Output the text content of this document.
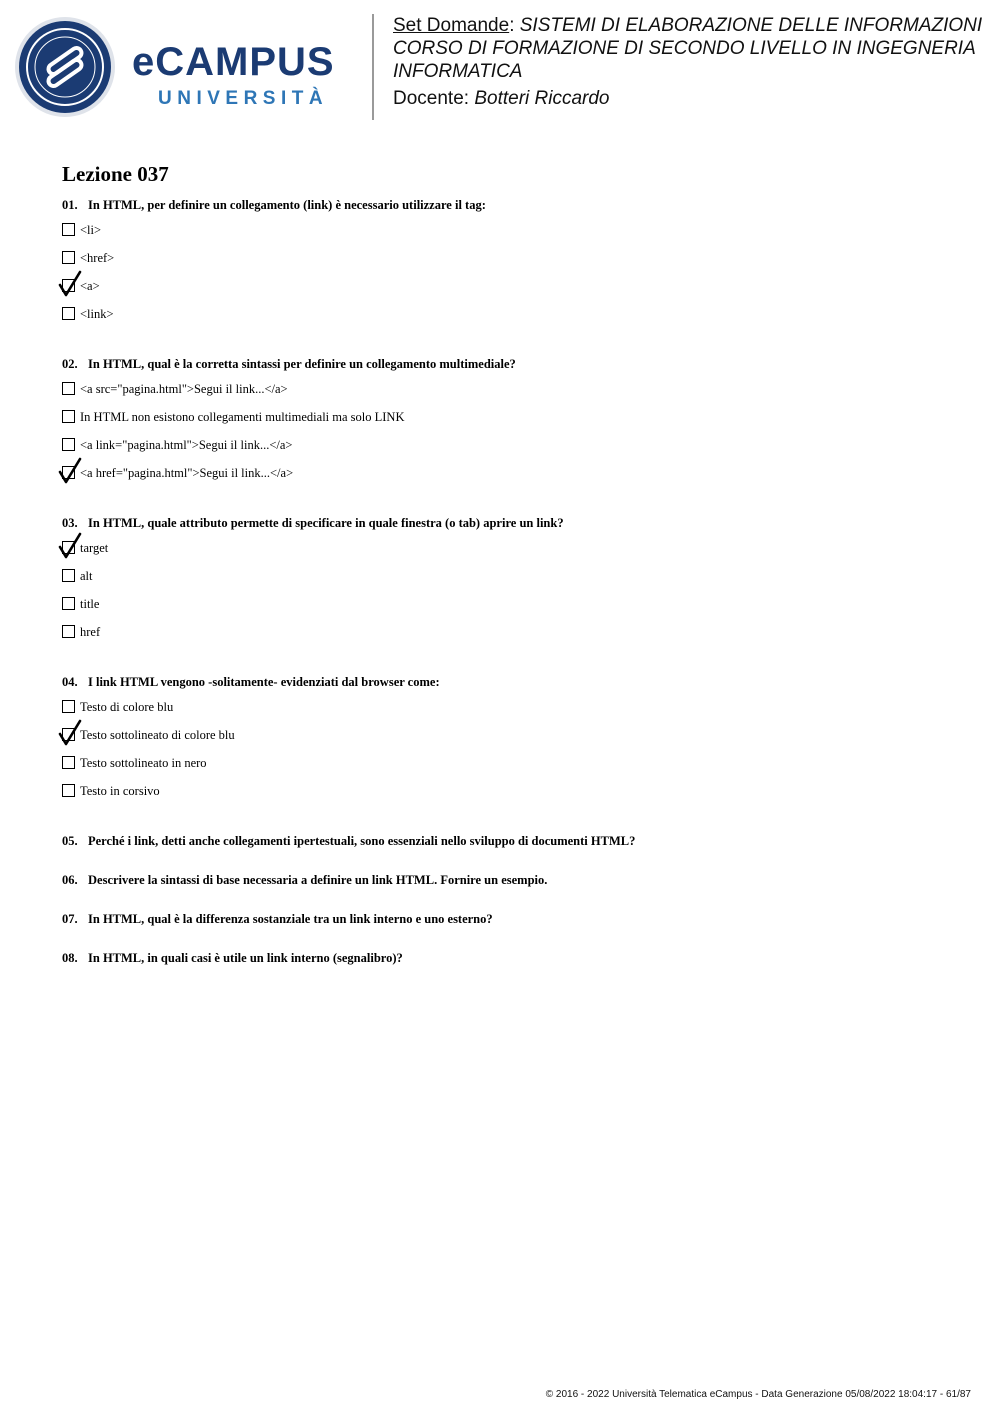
eCAMPUS
UNIVERSITÀ
Set Domande: SISTEMI DI ELABORAZIONE DELLE INFORMAZIONI
CORSO DI FORMAZIONE DI SECONDO LIVELLO IN INGEGNERIA INFORMATICA
Docente: Botteri Riccardo
Lezione 037
01. In HTML, per definire un collegamento (link) è necessario utilizzare il tag:
<li>
<href>
<a>
<link>
02. In HTML, qual è la corretta sintassi per definire un collegamento multimediale?
<a src="pagina.html">Segui il link...</a>
In HTML non esistono collegamenti multimediali ma solo LINK
<a link="pagina.html">Segui il link...</a>
<a href="pagina.html">Segui il link...</a>
03. In HTML, quale attributo permette di specificare in quale finestra (o tab) aprire un link?
target
alt
title
href
04. I link HTML vengono -solitamente- evidenziati dal browser come:
Testo di colore blu
Testo sottolineato di colore blu
Testo sottolineato in nero
Testo in corsivo
05. Perché i link, detti anche collegamenti ipertestuali, sono essenziali nello sviluppo di documenti HTML?
06. Descrivere la sintassi di base necessaria a definire un link HTML. Fornire un esempio.
07. In HTML, qual è la differenza sostanziale tra un link interno e uno esterno?
08. In HTML, in quali casi è utile un link interno (segnalibro)?
© 2016 - 2022 Università Telematica eCampus - Data Generazione 05/08/2022 18:04:17 - 61/87
